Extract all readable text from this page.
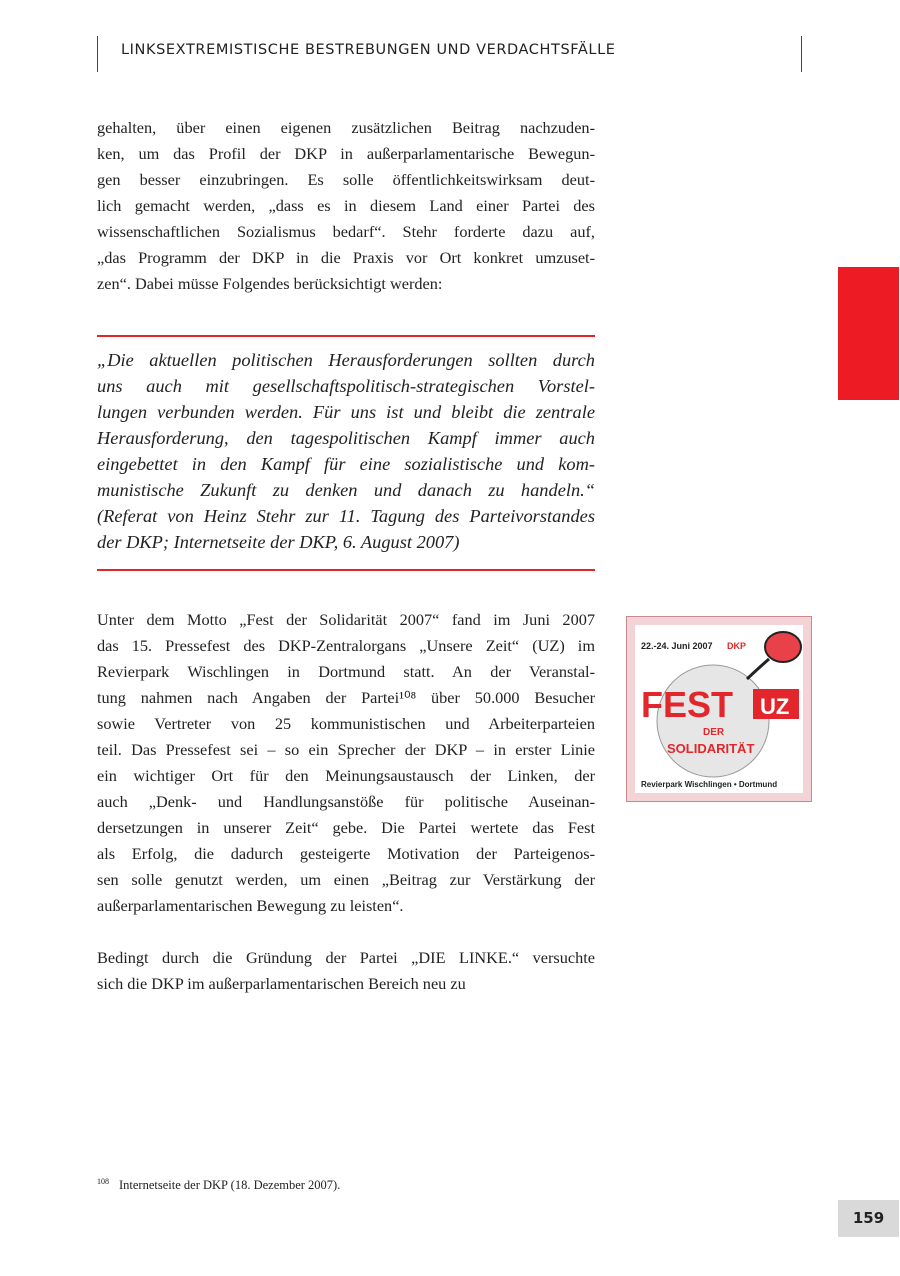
LINKSEXTREMISTISCHE BESTREBUNGEN UND VERDACHTSFÄLLE
gehalten, über einen eigenen zusätzlichen Beitrag nachzuden-
ken, um das Profil der DKP in außerparlamentarische Bewegun-
gen besser einzubringen. Es solle öffentlichkeitswirksam deut-
lich gemacht werden, „dass es in diesem Land einer Partei des
wissenschaftlichen Sozialismus bedarf“. Stehr forderte dazu auf,
„das Programm der DKP in die Praxis vor Ort konkret umzuset-
zen“. Dabei müsse Folgendes berücksichtigt werden:
„Die aktuellen politischen Herausforderungen sollten durch
uns auch mit gesellschaftspolitisch-strategischen Vorstel-
lungen verbunden werden. Für uns ist und bleibt die zentrale
Herausforderung, den tagespolitischen Kampf immer auch
eingebettet in den Kampf für eine sozialistische und kom-
munistische Zukunft zu denken und danach zu handeln.“
(Referat von Heinz Stehr zur 11. Tagung des Parteivorstandes
der DKP; Internetseite der DKP, 6. August 2007)
Unter dem Motto „Fest der Solidarität 2007“ fand im Juni 2007
das 15. Pressefest des DKP-Zentralorgans „Unsere Zeit“ (UZ) im
Revierpark Wischlingen in Dortmund statt. An der Veranstal-
tung nahmen nach Angaben der Partei¹⁰⁸ über 50.000 Besucher
sowie Vertreter von 25 kommunistischen und Arbeiterparteien
teil. Das Pressefest sei – so ein Sprecher der DKP – in erster Linie
ein wichtiger Ort für den Meinungsaustausch der Linken, der
auch „Denk- und Handlungsanstöße für politische Auseinan-
dersetzungen in unserer Zeit“ gebe. Die Partei wertete das Fest
als Erfolg, die dadurch gesteigerte Motivation der Parteigenos-
sen solle genutzt werden, um einen „Beitrag zur Verstärkung der
außerparlamentarischen Bewegung zu leisten“.
Bedingt durch die Gründung der Partei „DIE LINKE.“ versuchte
sich die DKP im außerparlamentarischen Bereich neu zu
22.-24. Juni 2007 DKP
FEST UZ
DER
SOLIDARITÄT
Revierpark Wischlingen • Dortmund
$^{108}$ Internetseite der DKP (18. Dezember 2007).
159
